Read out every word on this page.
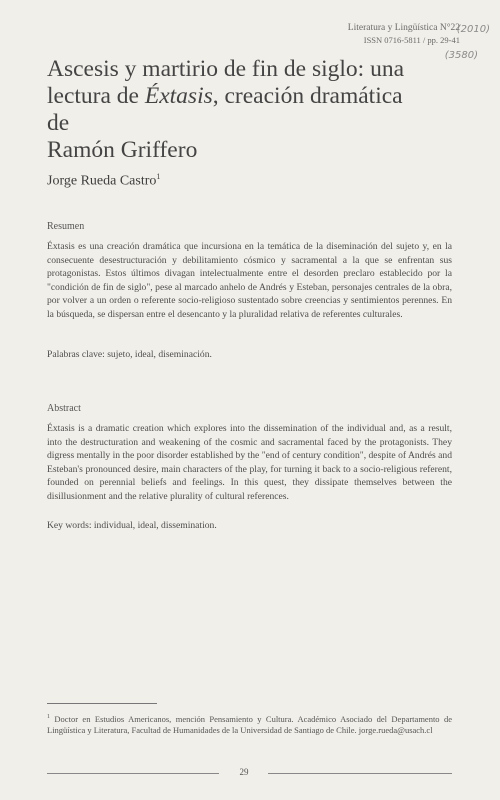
Literatura y Lingüística N°22
ISSN 0716-5811 / pp. 29-41
(2010)
(3580)
Ascesis y martirio de fin de siglo: una
lectura de Éxtasis, creación dramática de
Ramón Griffero
Jorge Rueda Castro$^1$
Resumen
Éxtasis es una creación dramática que incursiona en la temática de la diseminación del sujeto y, en la consecuente desestructuración y debilitamiento cósmico y sacramental a la que se enfrentan sus protagonistas. Estos últimos divagan intelectualmente entre el desorden preclaro establecido por la "condición de fin de siglo", pese al marcado anhelo de Andrés y Esteban, personajes centrales de la obra, por volver a un orden o referente socio-religioso sustentado sobre creencias y sentimientos perennes. En la búsqueda, se dispersan entre el desencanto y la pluralidad relativa de referentes culturales.
Palabras clave: sujeto, ideal, diseminación.
Abstract
Éxtasis is a dramatic creation which explores into the dissemination of the individual and, as a result, into the destructuration and weakening of the cosmic and sacramental faced by the protagonists. They digress mentally in the poor disorder established by the "end of century condition", despite of Andrés and Esteban's pronounced desire, main characters of the play, for turning it back to a socio-religious referent, founded on perennial beliefs and feelings. In this quest, they dissipate themselves between the disillusionment and the relative plurality of cultural references.
Key words: individual, ideal, dissemination.
$^1$ Doctor en Estudios Americanos, mención Pensamiento y Cultura. Académico Asociado del Departamento de Lingüística y Literatura, Facultad de Humanidades de la Universidad de Santiago de Chile. jorge.rueda@usach.cl
29
